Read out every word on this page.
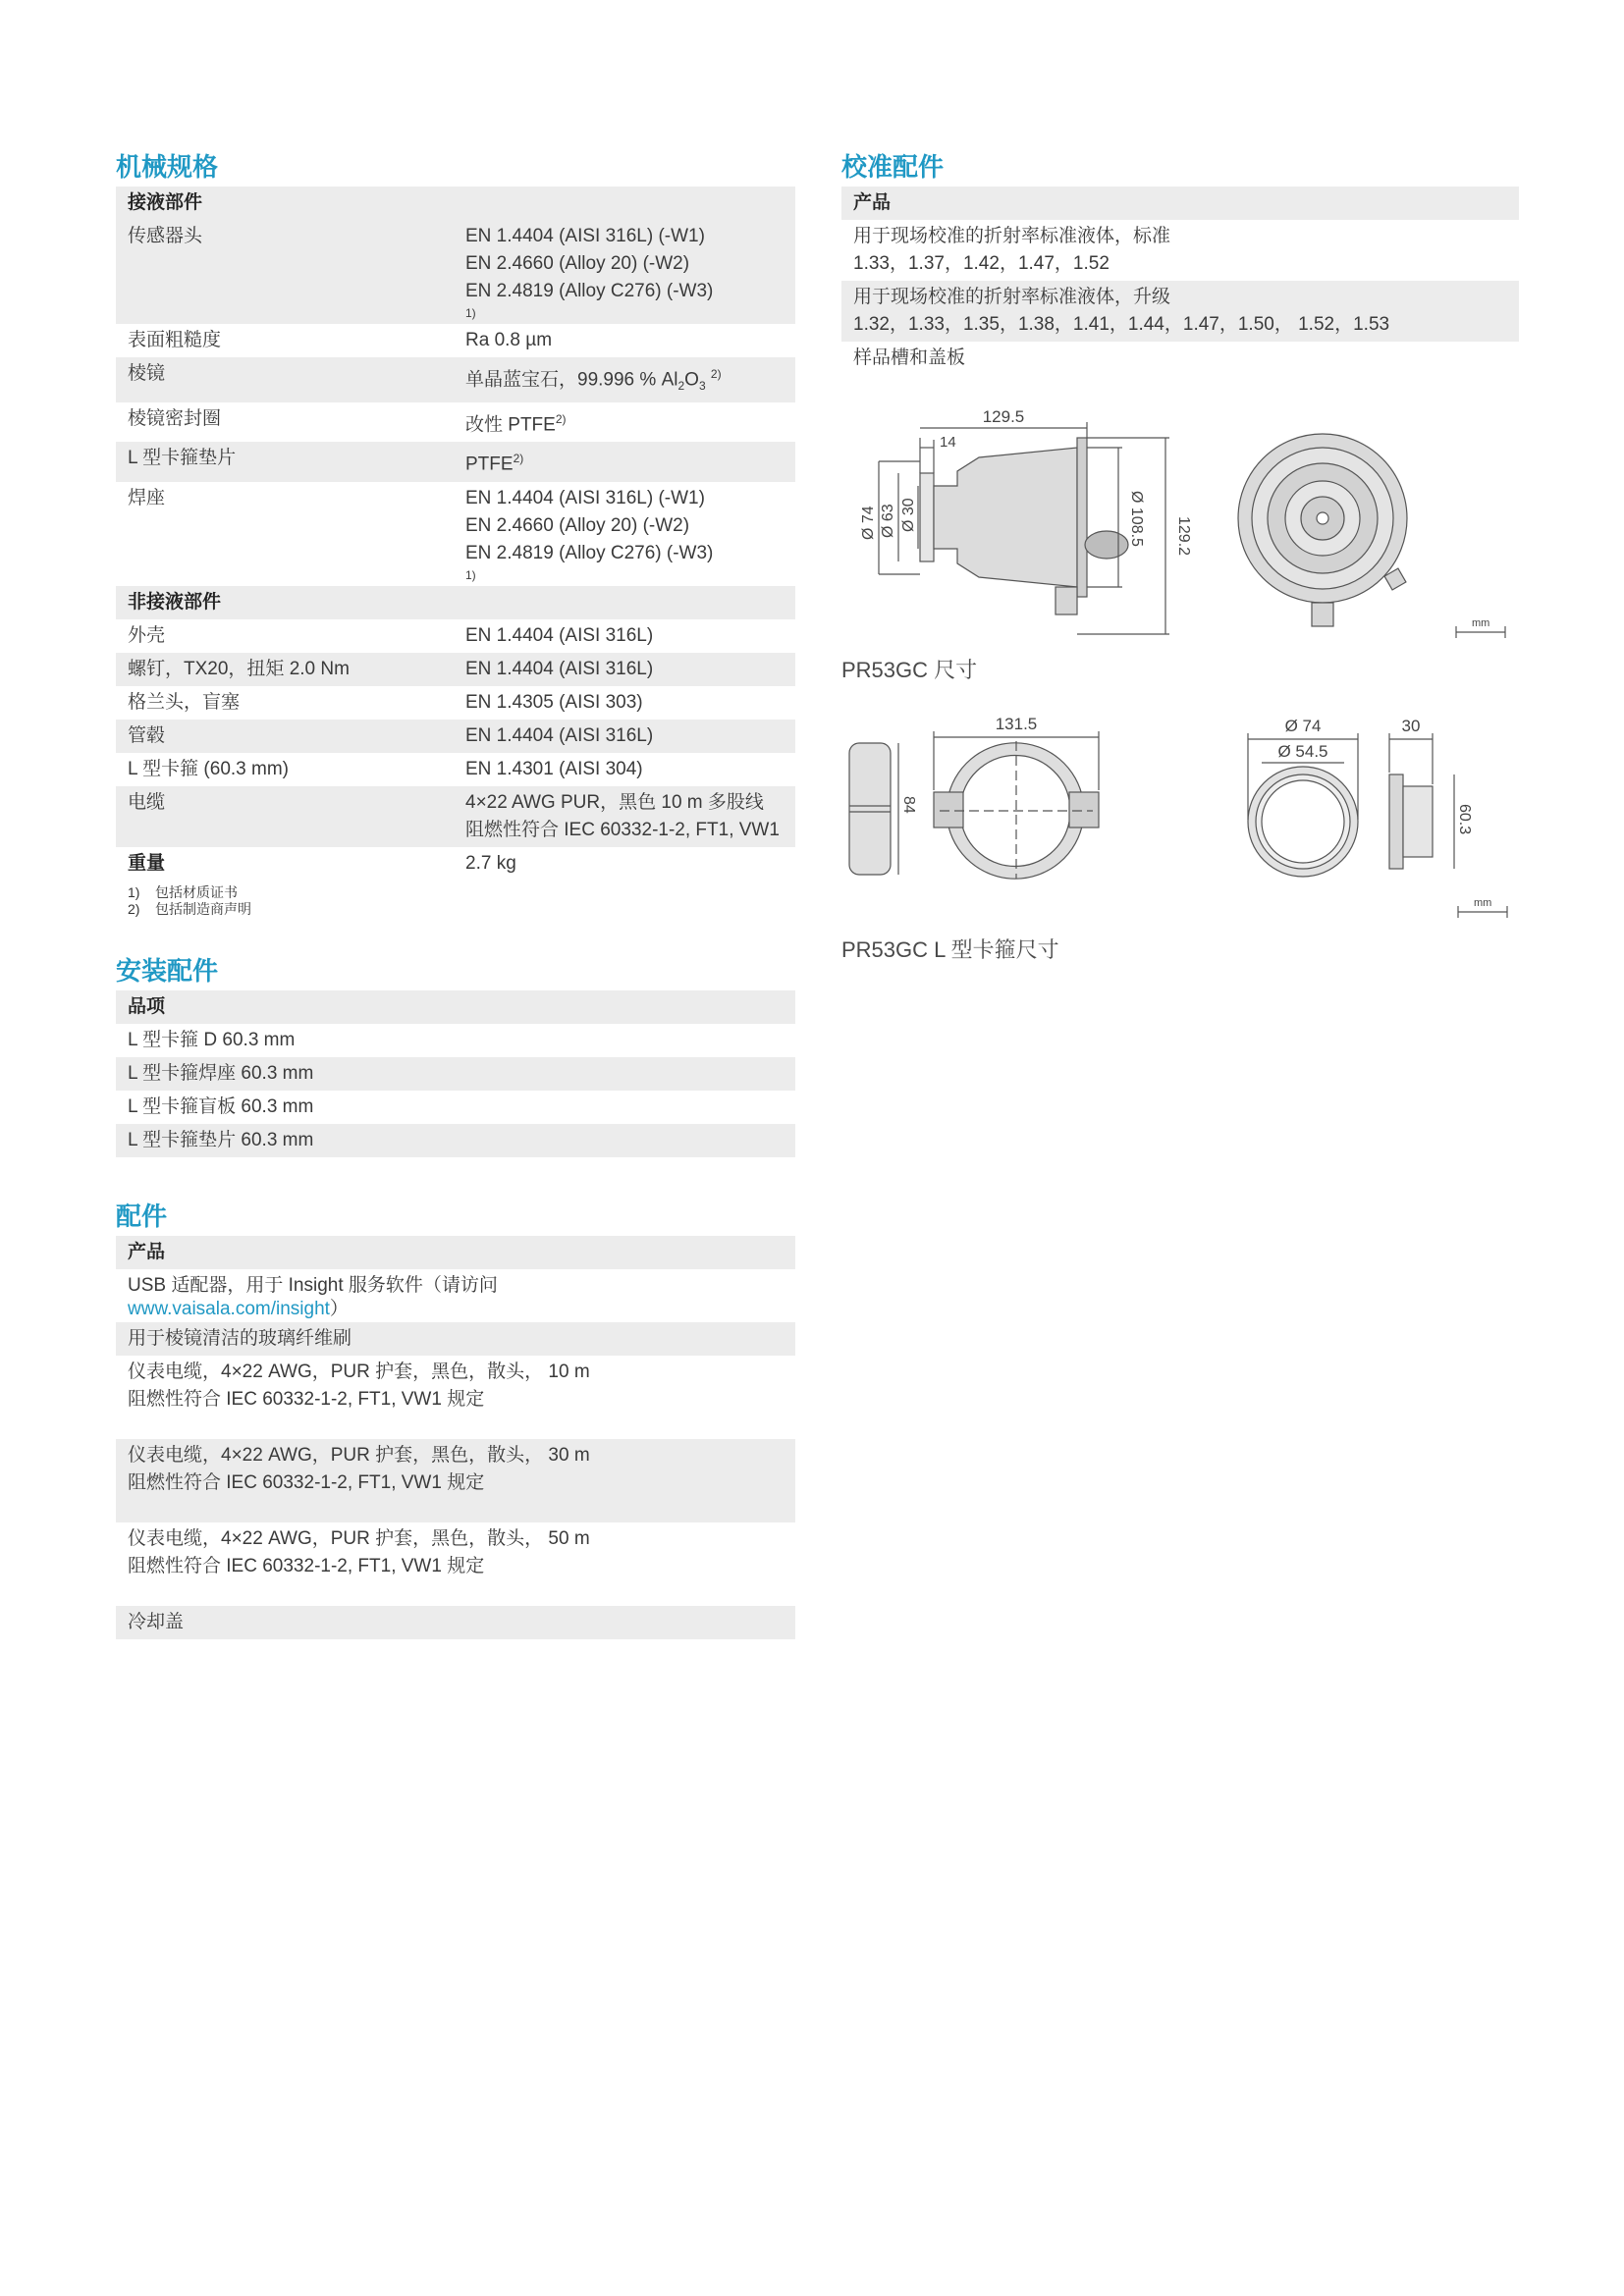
机械规格
接液部件	
传感器头	EN 1.4404 (AISI 316L) (-W1)
EN 2.4660 (Alloy 20) (-W2)
EN 2.4819 (Alloy C276) (-W3)
1)

表面粗糙度	Ra 0.8 µm
棱镜	单晶蓝宝石，99.996 % $Al_2O_3$ $^{2)}$
棱镜密封圈	改性 PTFE$^{2)}$
L 型卡箍垫片	PTFE$^{2)}$
焊座	EN 1.4404 (AISI 316L) (-W1)
EN 2.4660 (Alloy 20) (-W2)
EN 2.4819 (Alloy C276) (-W3)
1)

非接液部件	
外壳	EN 1.4404 (AISI 316L)
螺钉，TX20，扭矩 2.0 Nm	EN 1.4404 (AISI 316L)
格兰头，盲塞	EN 1.4305 (AISI 303)
管毂	EN 1.4404 (AISI 316L)
L 型卡箍 (60.3 mm)	EN 1.4301 (AISI 304)
电缆	4×22 AWG PUR，黑色 10 m 多股线
阻燃性符合 IEC 60332-1-2, FT1, VW1

重量	2.7 kg
1) 包括材质证书
2) 包括制造商声明
安装配件
品项
L 型卡箍 D 60.3 mm
L 型卡箍焊座 60.3 mm
L 型卡箍盲板 60.3 mm
L 型卡箍垫片 60.3 mm
配件
产品

USB 适配器，用于 Insight 服务软件（请访问
www.vaisala.com/insight）

用于棱镜清洁的玻璃纤维刷

仪表电缆，4×22 AWG，PUR 护套，黑色，散头， 10 m
阻燃性符合 IEC 60332-1-2, FT1, VW1 规定

仪表电缆，4×22 AWG，PUR 护套，黑色，散头， 30 m
阻燃性符合 IEC 60332-1-2, FT1, VW1 规定

仪表电缆，4×22 AWG，PUR 护套，黑色，散头， 50 m
阻燃性符合 IEC 60332-1-2, FT1, VW1 规定

冷却盖
校准配件
产品

用于现场校准的折射率标准液体，标准
1.33，1.37，1.42，1.47，1.52

用于现场校准的折射率标准液体，升级
1.32，1.33，1.35，1.38，1.41，1.44，1.47，1.50， 1.52，1.53

样品槽和盖板
129.5
14
Ø 74 Ø 63 Ø 30	Ø 108.5 129.2
mm
PR53GC 尺寸
131.5
84
Ø 74
Ø 54.5
30
60.3
mm
PR53GC L 型卡箍尺寸
